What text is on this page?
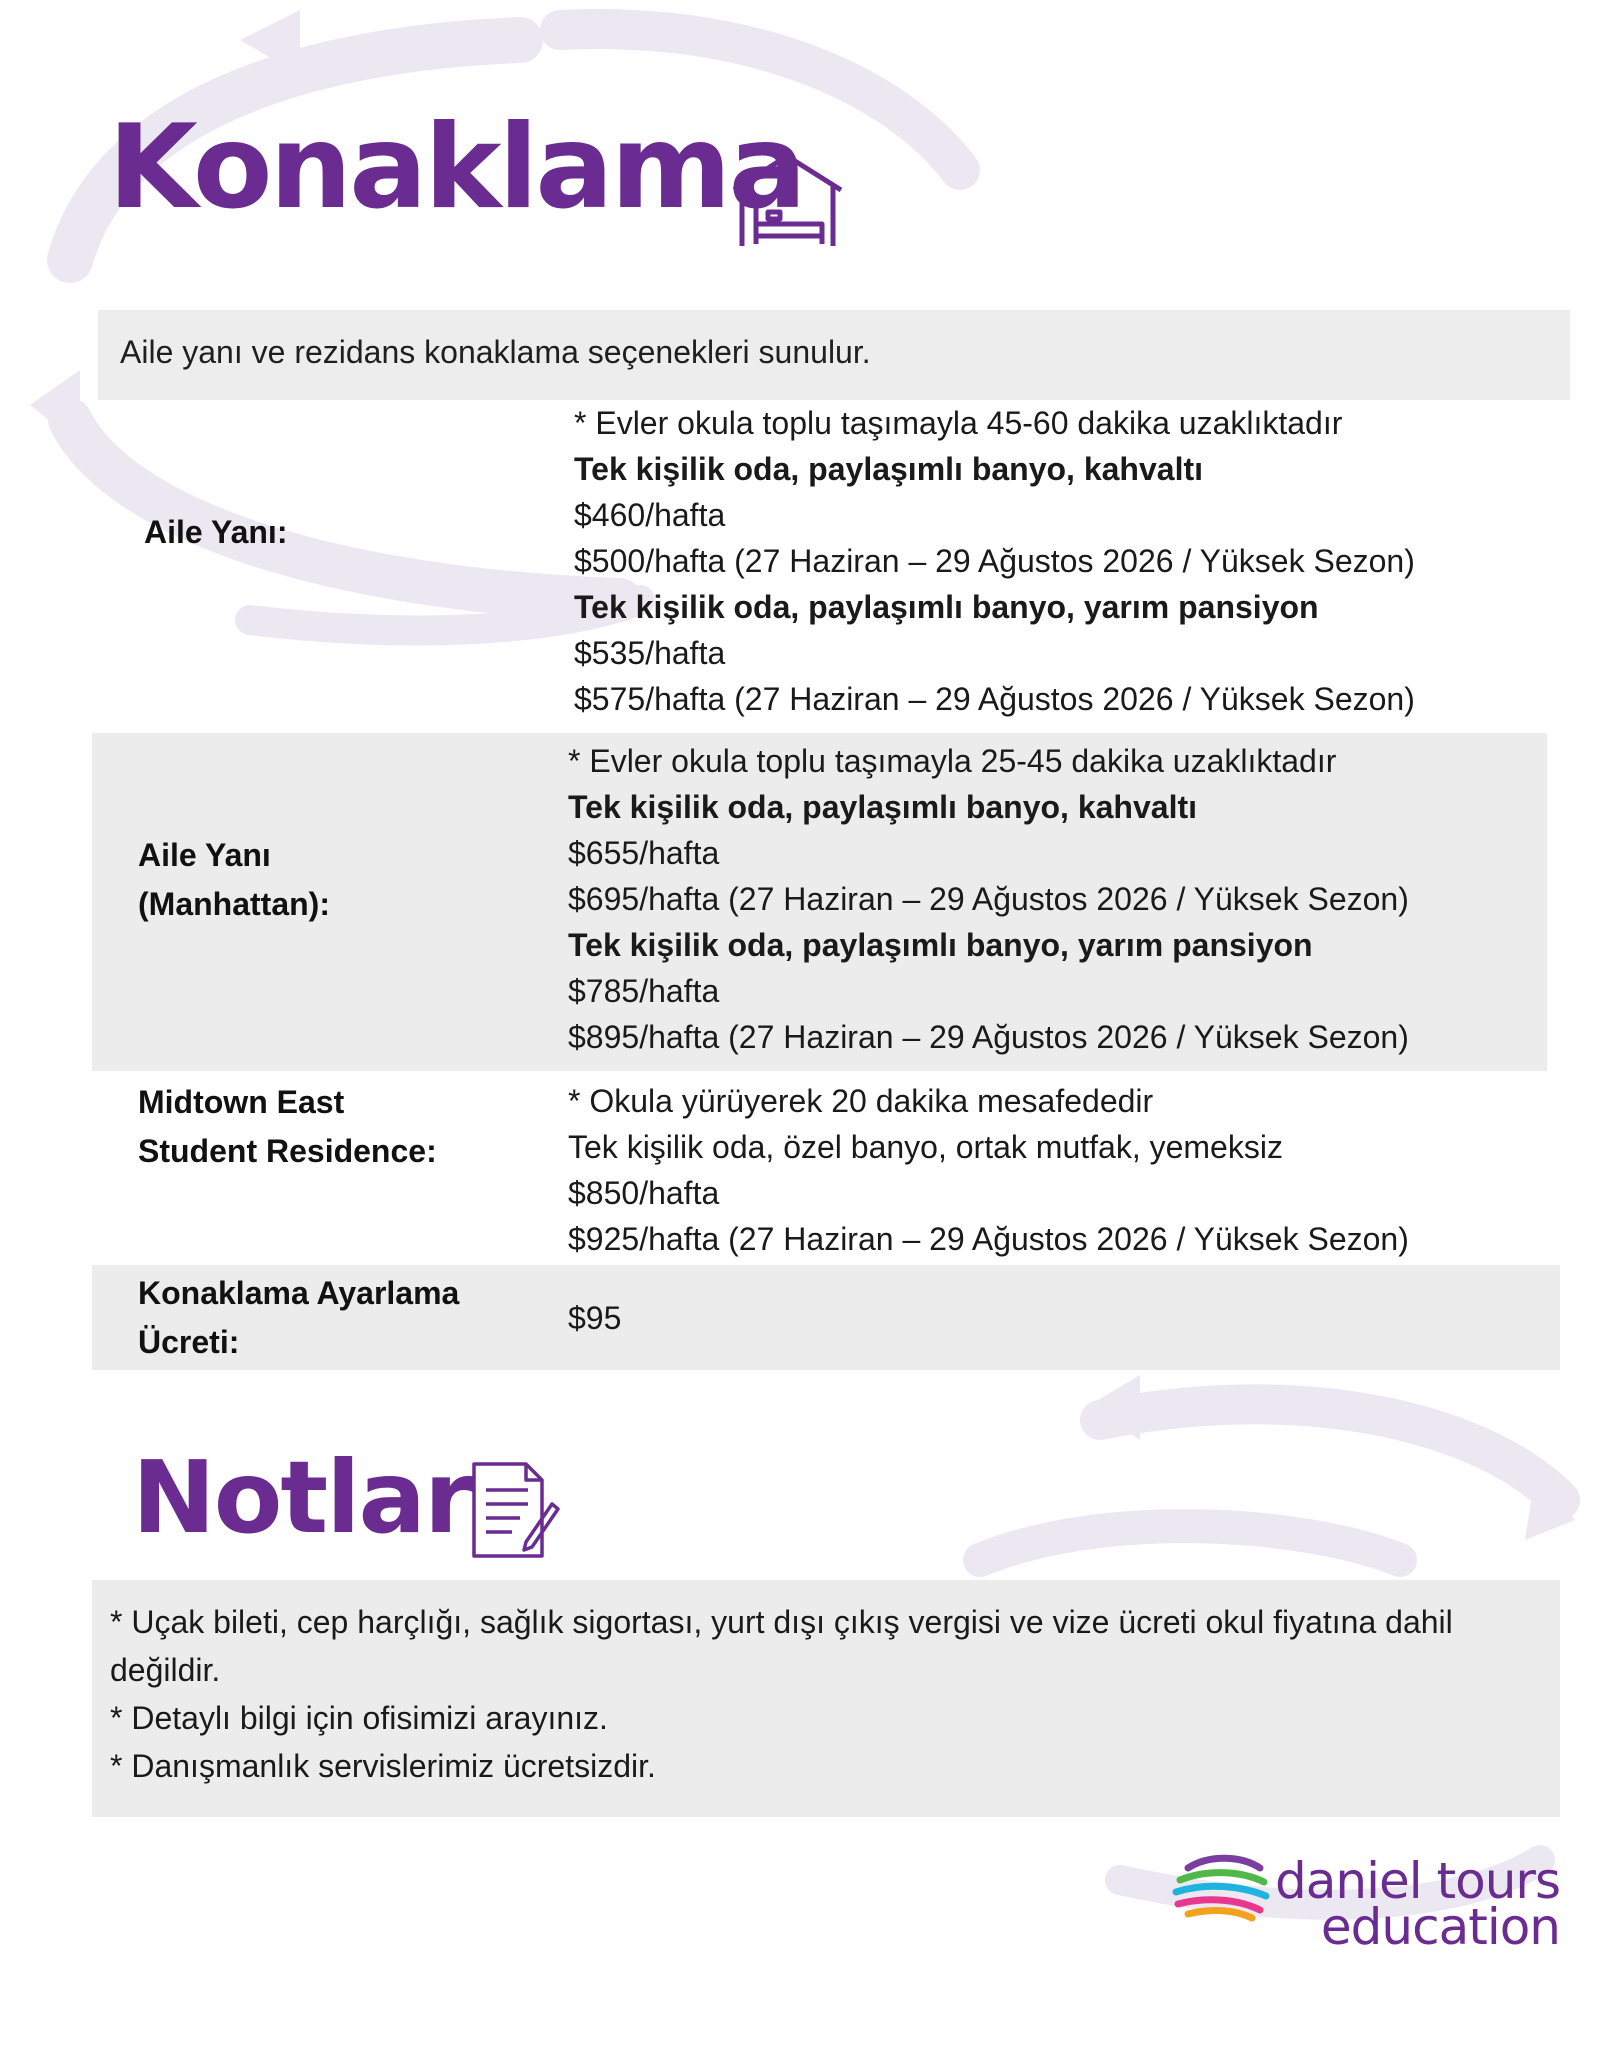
Konaklama
Aile yanı ve rezidans konaklama seçenekleri sunulur.
Aile Yanı:
* Evler okula toplu taşımayla 45-60 dakika uzaklıktadır
Tek kişilik oda, paylaşımlı banyo, kahvaltı
$460/hafta
$500/hafta (27 Haziran – 29 Ağustos 2026 / Yüksek Sezon)
Tek kişilik oda, paylaşımlı banyo, yarım pansiyon
$535/hafta
$575/hafta (27 Haziran – 29 Ağustos 2026 / Yüksek Sezon)
Aile Yanı
(Manhattan):
* Evler okula toplu taşımayla 25-45 dakika uzaklıktadır
Tek kişilik oda, paylaşımlı banyo, kahvaltı
$655/hafta
$695/hafta (27 Haziran – 29 Ağustos 2026 / Yüksek Sezon)
Tek kişilik oda, paylaşımlı banyo, yarım pansiyon
$785/hafta
$895/hafta (27 Haziran – 29 Ağustos 2026 / Yüksek Sezon)
Midtown East
Student Residence:
* Okula yürüyerek 20 dakika mesafededir
Tek kişilik oda, özel banyo, ortak mutfak, yemeksiz
$850/hafta
$925/hafta (27 Haziran – 29 Ağustos 2026 / Yüksek Sezon)
Konaklama Ayarlama
Ücreti:
$95
Notlar
* Uçak bileti, cep harçlığı, sağlık sigortası, yurt dışı çıkış vergisi ve vize ücreti okul fiyatına dahil değildir.
* Detaylı bilgi için ofisimizi arayınız.
* Danışmanlık servislerimiz ücretsizdir.
daniel tours
education
